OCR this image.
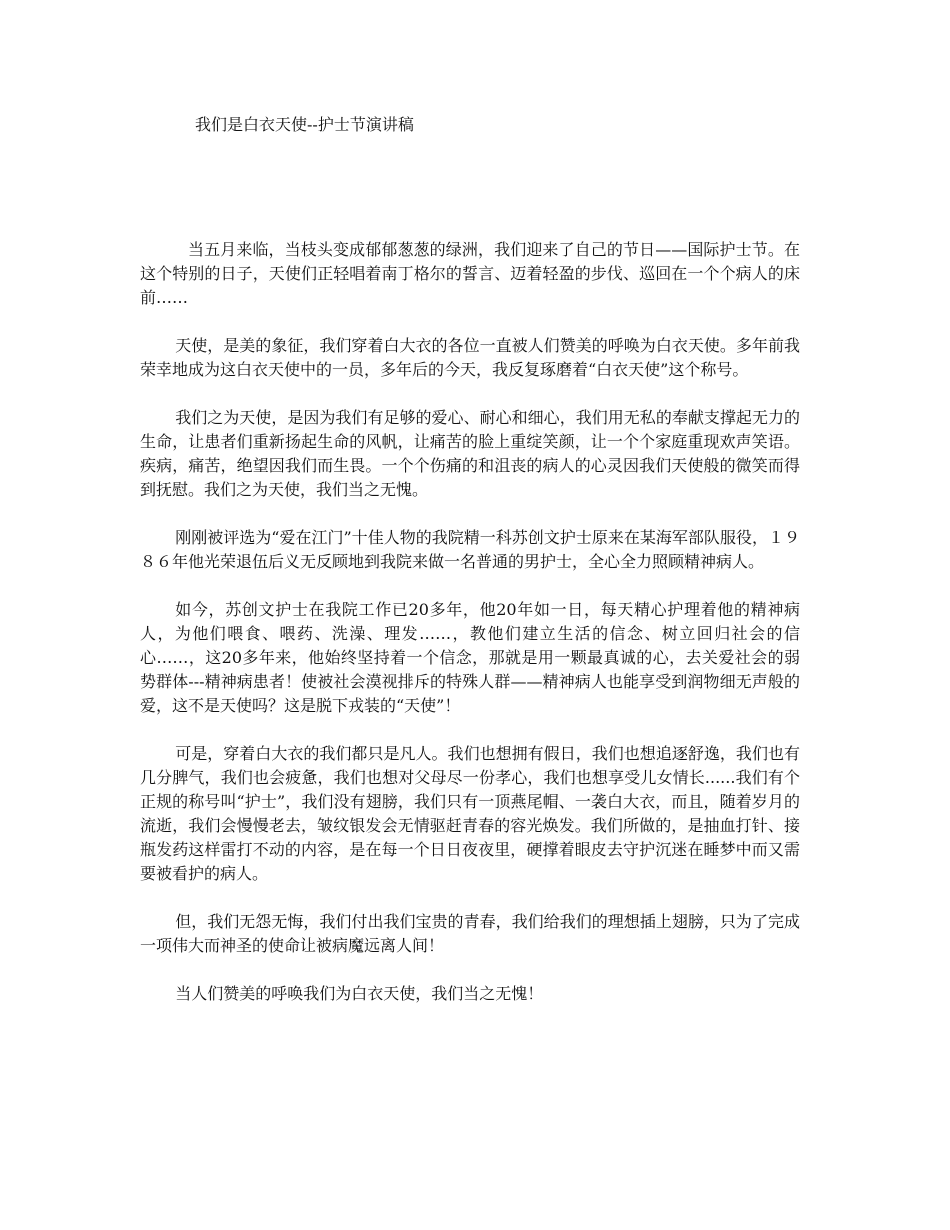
我们是白衣天使--护士节演讲稿

当五月来临，当枝头变成郁郁葱葱的绿洲，我们迎来了自己的节日——国际护士节。在这个特别的日子，天使们正轻唱着南丁格尔的誓言、迈着轻盈的步伐、巡回在一个个病人的床前……

天使，是美的象征，我们穿着白大衣的各位一直被人们赞美的呼唤为白衣天使。多年前我荣幸地成为这白衣天使中的一员，多年后的今天，我反复琢磨着“白衣天使”这个称号。

我们之为天使，是因为我们有足够的爱心、耐心和细心，我们用无私的奉献支撑起无力的生命，让患者们重新扬起生命的风帆，让痛苦的脸上重绽笑颜，让一个个家庭重现欢声笑语。疾病，痛苦，绝望因我们而生畏。一个个伤痛的和沮丧的病人的心灵因我们天使般的微笑而得到抚慰。我们之为天使，我们当之无愧。

刚刚被评选为“爱在江门”十佳人物的我院精一科苏创文护士原来在某海军部队服役，１９８６年他光荣退伍后义无反顾地到我院来做一名普通的男护士，全心全力照顾精神病人。

如今，苏创文护士在我院工作已20多年，他20年如一日，每天精心护理着他的精神病人，为他们喂食、喂药、洗澡、理发……，教他们建立生活的信念、树立回归社会的信心……，这20多年来，他始终坚持着一个信念，那就是用一颗最真诚的心，去关爱社会的弱势群体---精神病患者！使被社会漠视排斥的特殊人群——精神病人也能享受到润物细无声般的爱，这不是天使吗？这是脱下戎装的“天使”！

可是，穿着白大衣的我们都只是凡人。我们也想拥有假日，我们也想追逐舒逸，我们也有几分脾气，我们也会疲惫，我们也想对父母尽一份孝心，我们也想享受儿女情长......我们有个正规的称号叫“护士”，我们没有翅膀，我们只有一顶燕尾帽、一袭白大衣，而且，随着岁月的流逝，我们会慢慢老去，皱纹银发会无情驱赶青春的容光焕发。我们所做的，是抽血打针、接瓶发药这样雷打不动的内容，是在每一个日日夜夜里，硬撑着眼皮去守护沉迷在睡梦中而又需要被看护的病人。

但，我们无怨无悔，我们付出我们宝贵的青春，我们给我们的理想插上翅膀，只为了完成一项伟大而神圣的使命让被病魔远离人间！

当人们赞美的呼唤我们为白衣天使，我们当之无愧！
